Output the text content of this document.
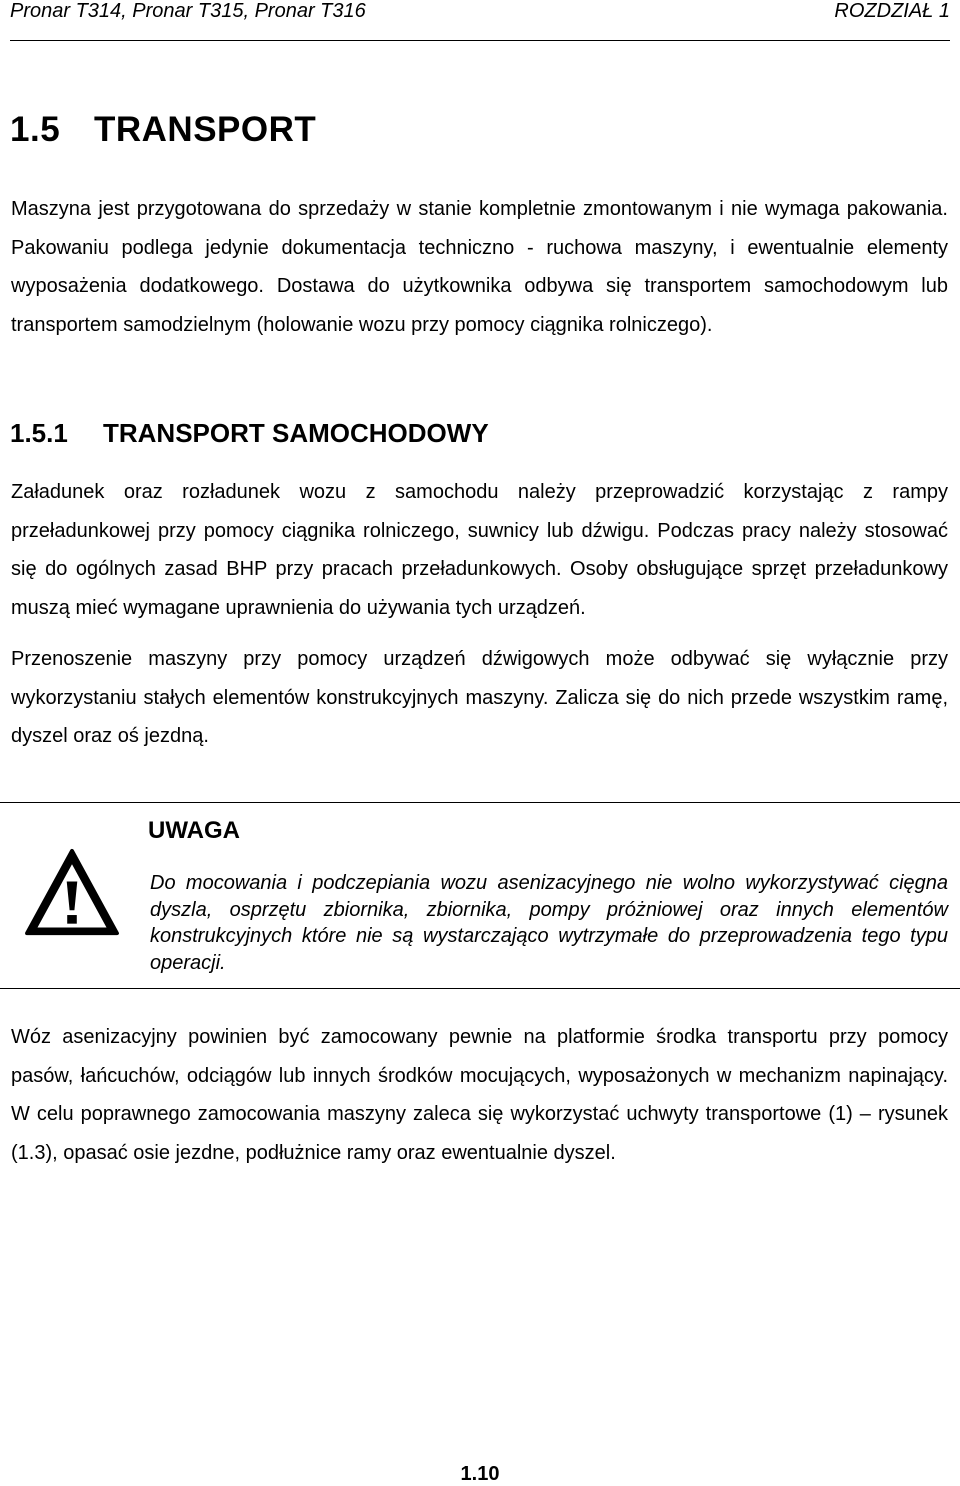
Pronar T314, Pronar T315, Pronar T316	ROZDZIAŁ 1
1.5 TRANSPORT

Maszyna jest przygotowana do sprzedaży w stanie kompletnie zmontowanym i nie wymaga pakowania. Pakowaniu podlega jedynie dokumentacja techniczno - ruchowa maszyny, i ewentualnie elementy wyposażenia dodatkowego. Dostawa do użytkownika odbywa się transportem samochodowym lub transportem samodzielnym (holowanie wozu przy pomocy ciągnika rolniczego).

1.5.1 TRANSPORT SAMOCHODOWY

Załadunek oraz rozładunek wozu z samochodu należy przeprowadzić korzystając z rampy przeładunkowej przy pomocy ciągnika rolniczego, suwnicy lub dźwigu. Podczas pracy należy stosować się do ogólnych zasad BHP przy pracach przeładunkowych. Osoby obsługujące sprzęt przeładunkowy muszą mieć wymagane uprawnienia do używania tych urządzeń.

Przenoszenie maszyny przy pomocy urządzeń dźwigowych może odbywać się wyłącznie przy wykorzystaniu stałych elementów konstrukcyjnych maszyny. Zalicza się do nich przede wszystkim ramę, dyszel oraz oś jezdną.

UWAGA
Do mocowania i podczepiania wozu asenizacyjnego nie wolno wykorzystywać cięgna dyszla, osprzętu zbiornika, zbiornika, pompy próżniowej oraz innych elementów konstrukcyjnych które nie są wystarczająco wytrzymałe do przeprowadzenia tego typu operacji.

Wóz asenizacyjny powinien być zamocowany pewnie na platformie środka transportu przy pomocy pasów, łańcuchów, odciągów lub innych środków mocujących, wyposażonych w mechanizm napinający. W celu poprawnego zamocowania maszyny zaleca się wykorzystać uchwyty transportowe (1) – rysunek (1.3), opasać osie jezdne, podłużnice ramy oraz ewentualnie dyszel.

1.10
